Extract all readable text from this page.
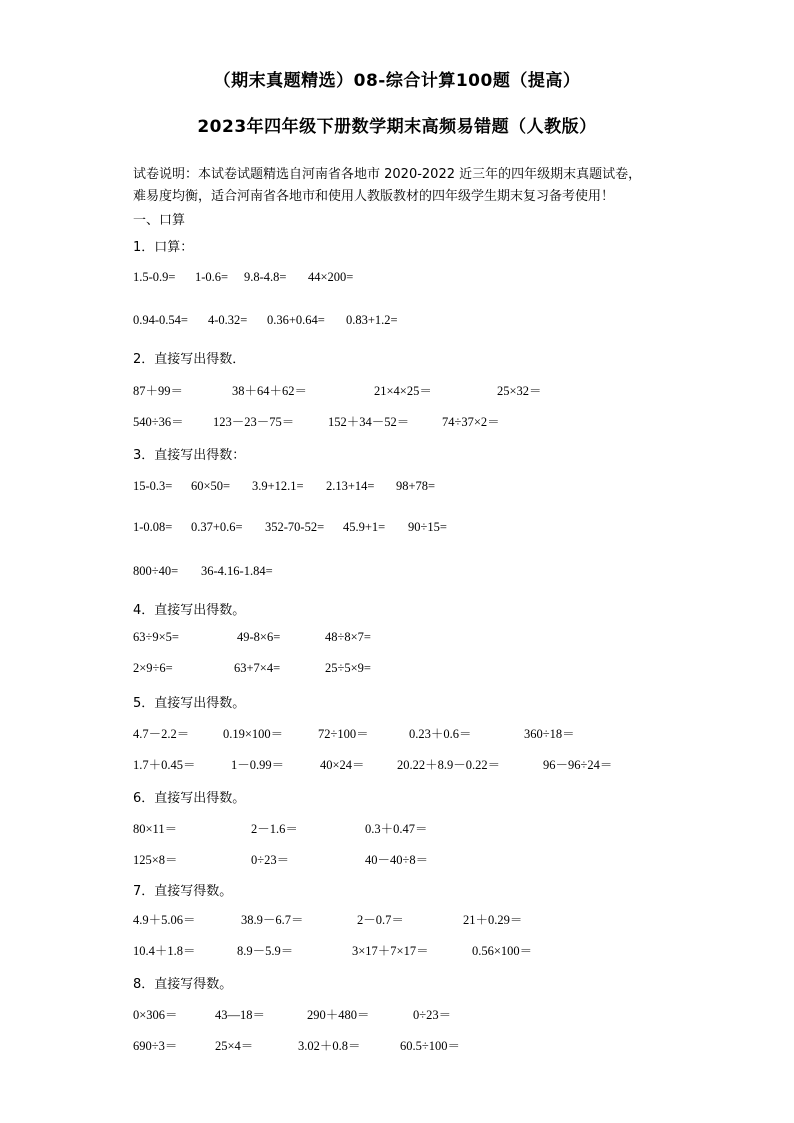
（期末真题精选）08-综合计算100题（提高）
2023年四年级下册数学期末高频易错题（人教版）

试卷说明：本试卷试题精选自河南省各地市 2020-2022 近三年的四年级期末真题试卷，

难易度均衡，适合河南省各地市和使用人教版教材的四年级学生期末复习备考使用！

一、口算
1．口算：
1.5-0.9= 1-0.6= 9.8-4.8= 44×200=
0.94-0.54= 4-0.32= 0.36+0.64= 0.83+1.2=
2．直接写出得数．
87＋99＝	38＋64＋62＝	21×4×25＝	25×32＝
540÷36＝ 123－23－75＝	152＋34－52＝	74÷37×2＝
3．直接写出得数：
15-0.3= 60×50= 3.9+12.1= 2.13+14= 98+78=
1-0.08= 0.37+0.6= 352-70-52= 45.9+1= 90÷15=
800÷40= 36-4.16-1.84=
4．直接写出得数。
63÷9×5=	49-8×6=	48÷8×7=
2×9÷6=	63+7×4=	25÷5×9=
5．直接写出得数。
4.7－2.2＝	0.19×100＝	72÷100＝	0.23＋0.6＝	360÷18＝
1.7＋0.45＝	1－0.99＝	40×24＝	20.22＋8.9－0.22＝	96－96÷24＝
6．直接写出得数。
80×11＝	2－1.6＝	0.3＋0.47＝
125×8＝	0÷23＝	40－40÷8＝
7．直接写得数。
4.9＋5.06＝	38.9－6.7＝	2－0.7＝	21＋0.29＝
10.4＋1.8＝	8.9－5.9＝	3×17＋7×17＝	0.56×100＝
8．直接写得数。
0×306＝	43—18＝	290＋480＝	0÷23＝
690÷3＝	25×4＝	3.02＋0.8＝	60.5÷100＝
